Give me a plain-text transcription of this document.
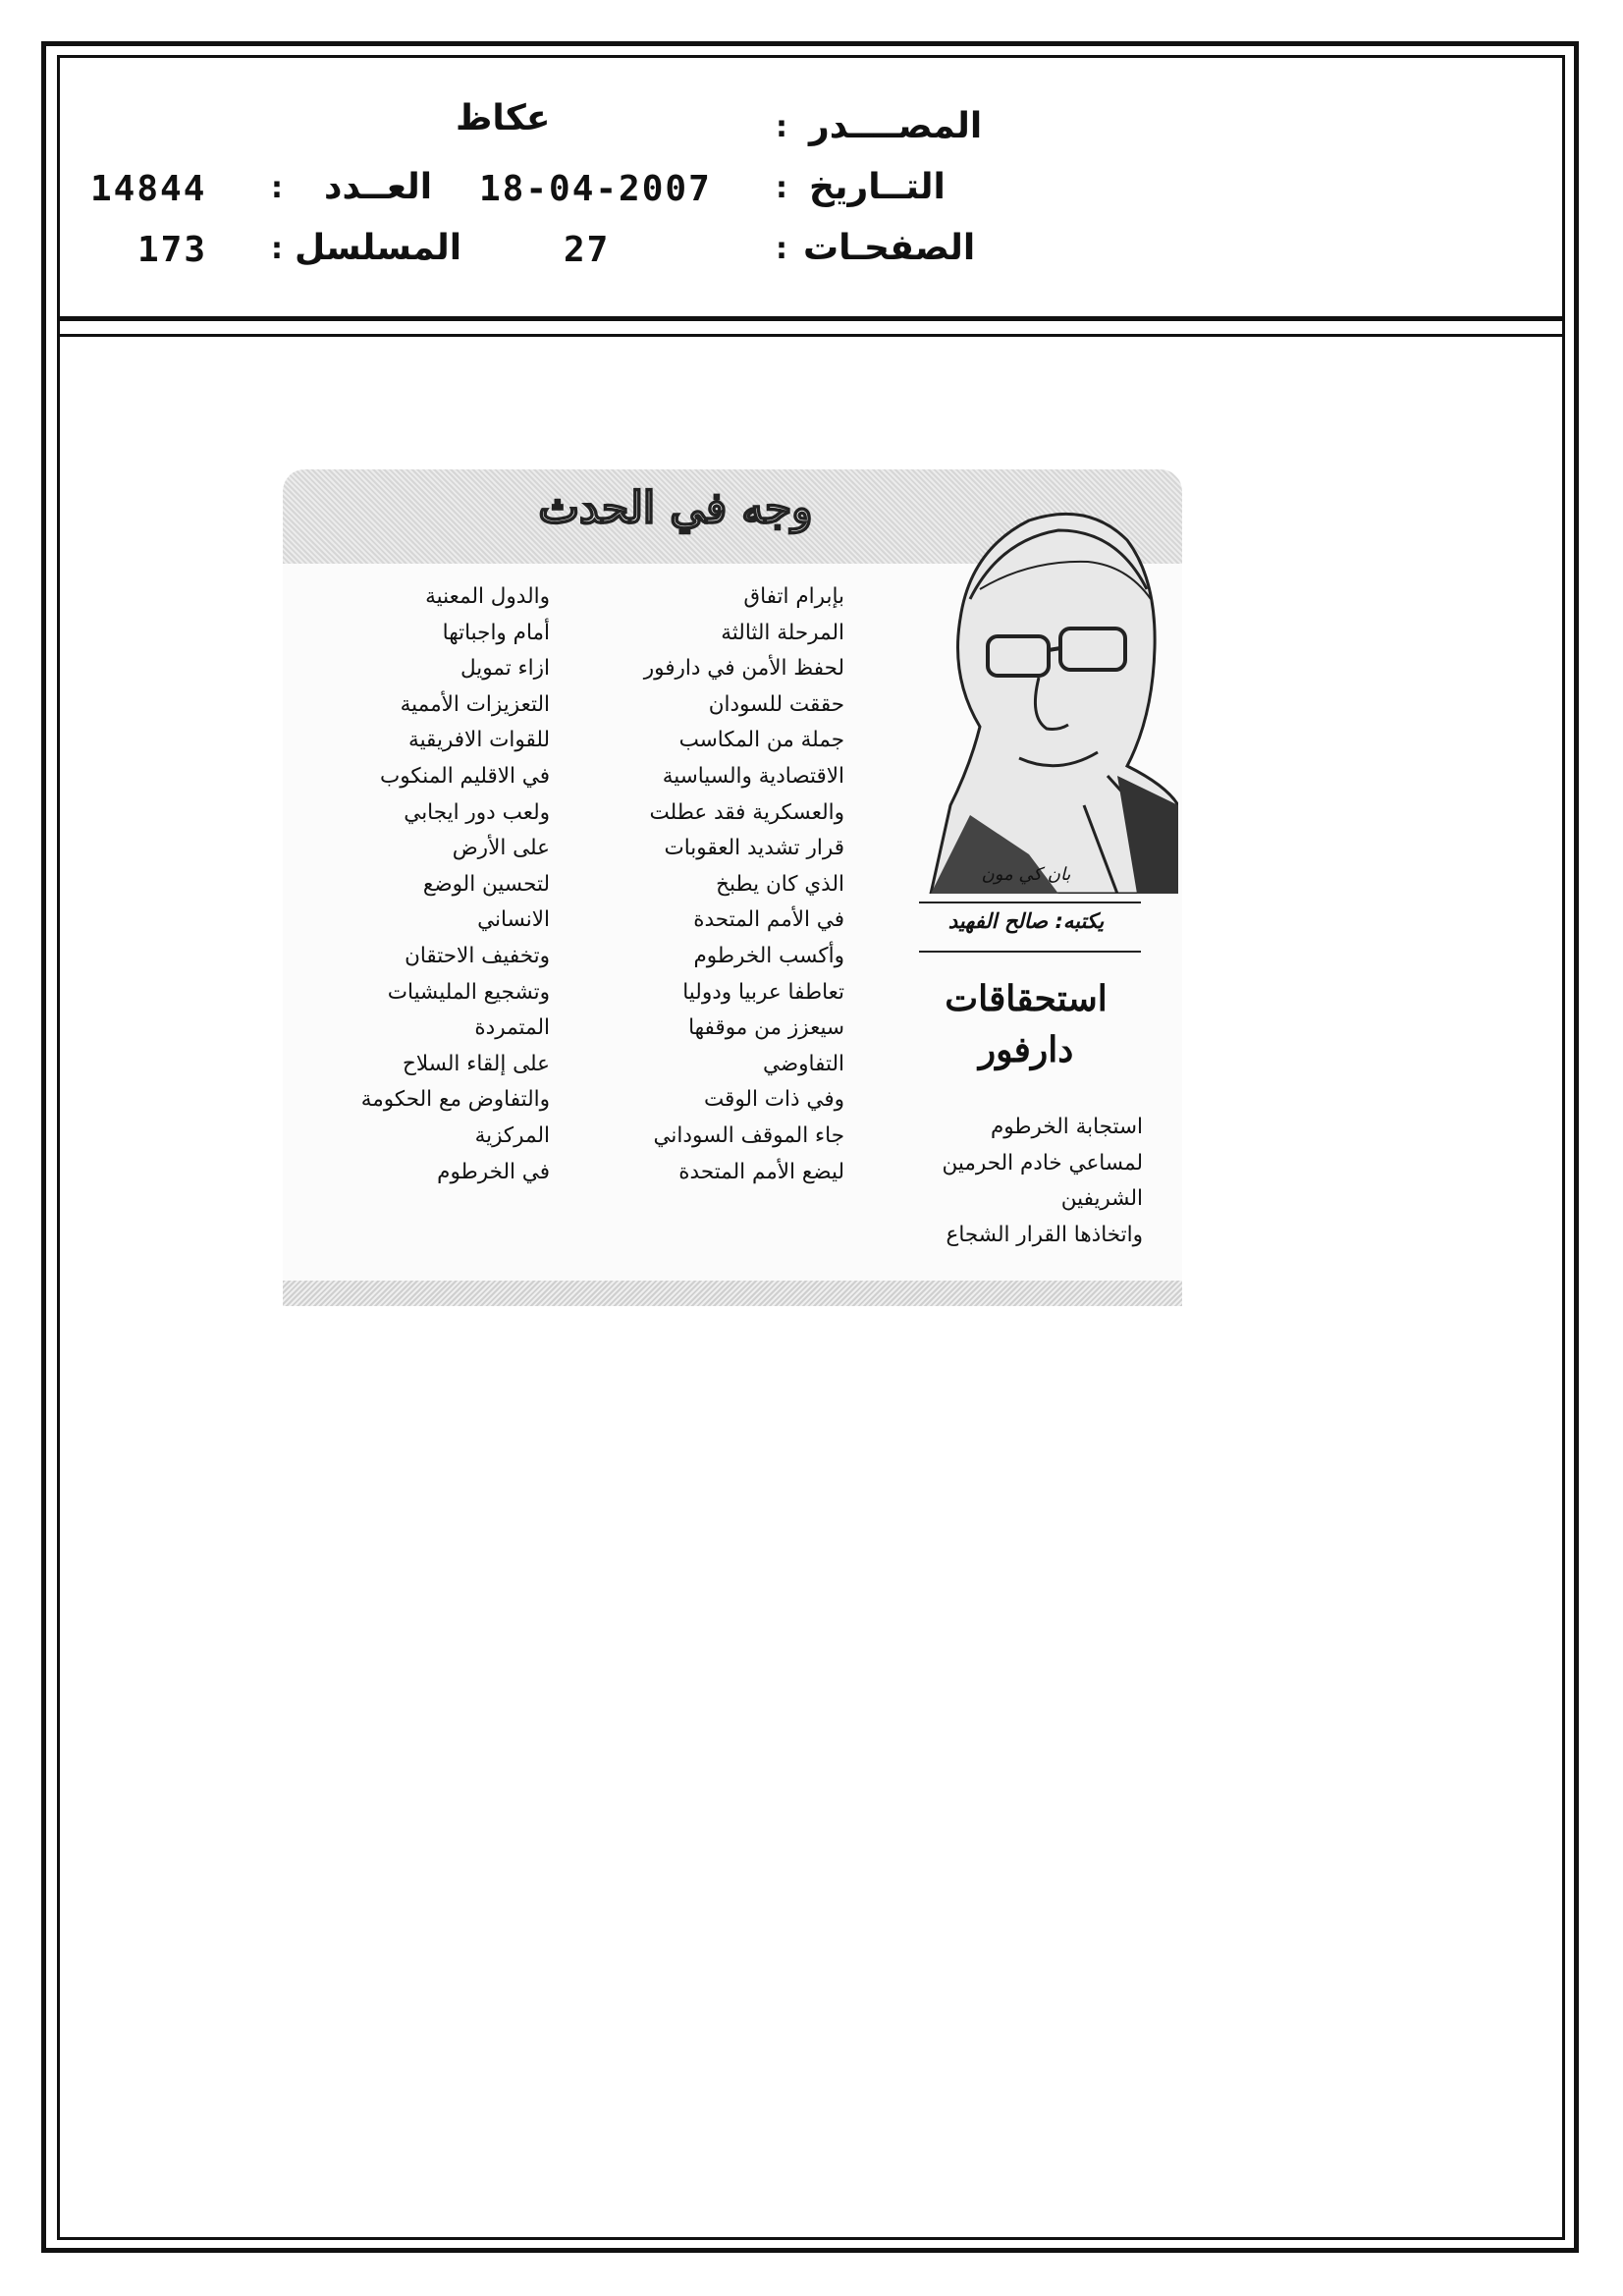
المصــــدر
:
عكاظ
التــاريخ
:
18-04-2007
العــدد
:
14844
الصفحـات
:
27
المسلسل
:
173
وجه في الحدث
بان كي مون
يكتبه: صالح الفهيد
استحقاقات
دارفور
استجابة الخرطوم
لمساعي خادم الحرمين
الشريفين
واتخاذها القرار الشجاع
بإبرام اتفاق
المرحلة الثالثة
لحفظ الأمن في دارفور
حققت للسودان
جملة من المكاسب
الاقتصادية والسياسية
والعسكرية فقد عطلت
قرار تشديد العقوبات
الذي كان يطبخ
في الأمم المتحدة
وأكسب الخرطوم
تعاطفا عربيا ودوليا
سيعزز من موقفها
التفاوضي
وفي ذات الوقت
جاء الموقف السوداني
ليضع الأمم المتحدة
والدول المعنية
أمام واجباتها
ازاء تمويل
التعزيزات الأممية
للقوات الافريقية
في الاقليم المنكوب
ولعب دور ايجابي
على الأرض
لتحسين الوضع
الانساني
وتخفيف الاحتقان
وتشجيع المليشيات
المتمردة
على إلقاء السلاح
والتفاوض مع الحكومة
المركزية
في الخرطوم
